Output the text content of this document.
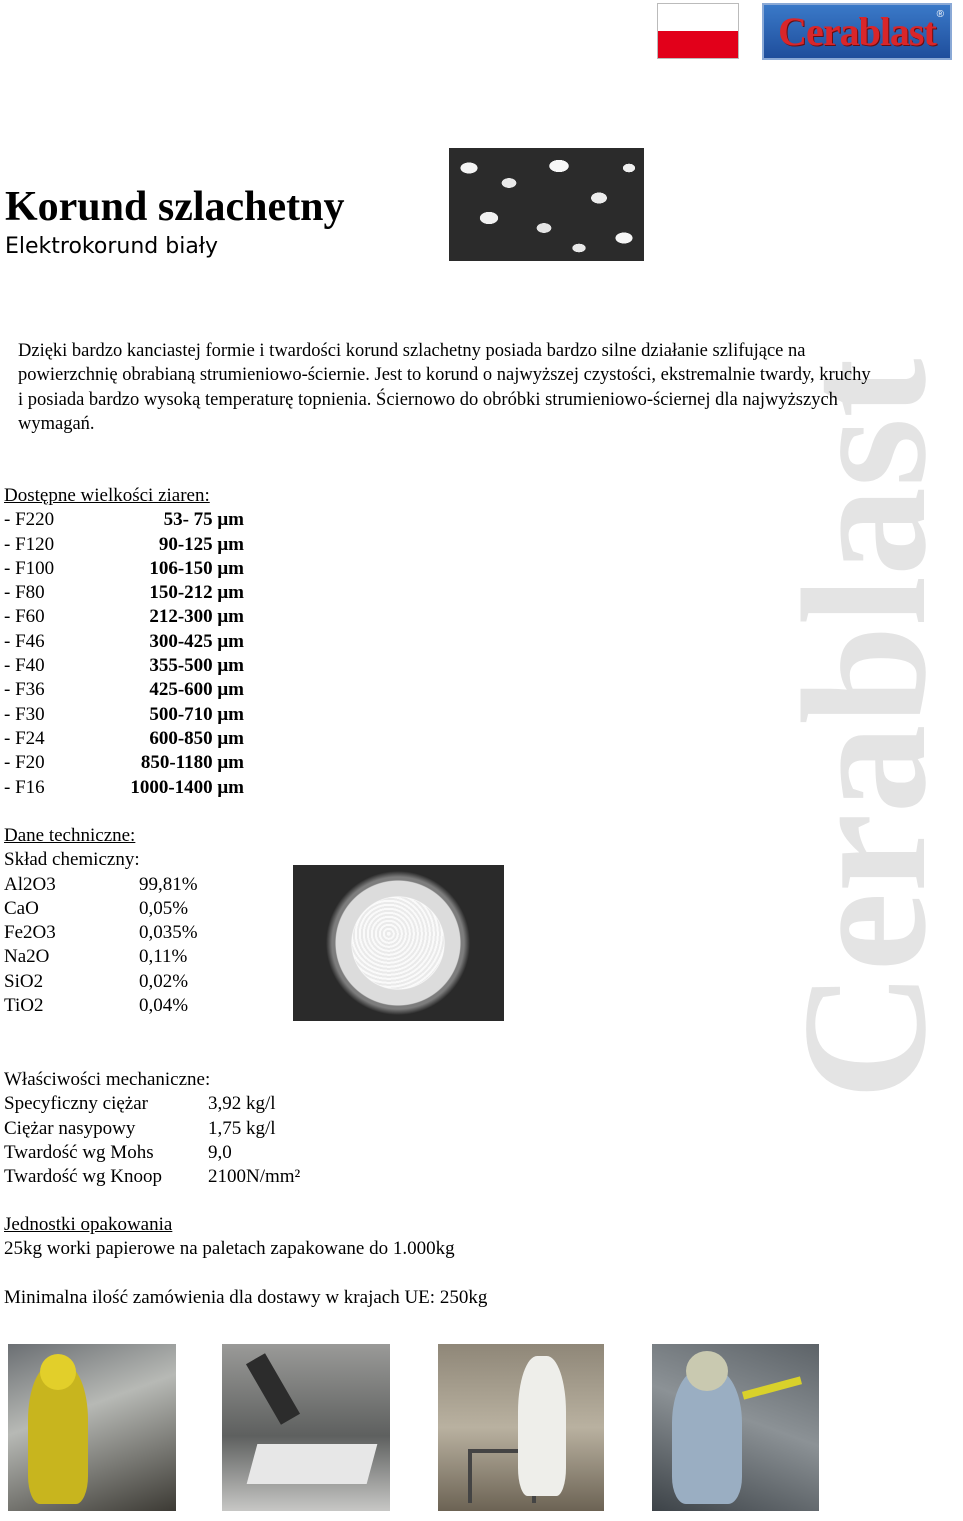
Cerablast®
Cerablast
Korund szlachetny
Elektrokorund biały
Dzięki bardzo kanciastej formie i twardości korund szlachetny posiada bardzo silne działanie szlifujące na powierzchnię obrabianą strumieniowo-ściernie. Jest to korund o najwyższej czystości, ekstremalnie twardy, kruchy i posiada bardzo wysoką temperaturę topnienia. Ściernowo do obróbki strumieniowo-ściernej dla najwyższych wymagań.
Dostępne wielkości ziaren:
- F220	53- 75 μm
- F120	90-125 μm
- F100	106-150 μm
- F80	150-212 μm
- F60	212-300 μm
- F46	300-425 μm
- F40	355-500 μm
- F36	425-600 μm
- F30	500-710 μm
- F24	600-850 μm
- F20	850-1180 μm
- F16	1000-1400 μm
Dane techniczne:
Skład chemiczny:
Al2O3	99,81%
CaO	0,05%
Fe2O3	0,035%
Na2O	0,11%
SiO2	0,02%
TiO2	0,04%
Właściwości mechaniczne:
Specyficzny ciężar	3,92 kg/l
Ciężar nasypowy	1,75 kg/l
Twardość wg Mohs	9,0
Twardość wg Knoop	2100N/mm²
Jednostki opakowania
25kg worki papierowe na paletach zapakowane do 1.000kg
Minimalna ilość zamówienia dla dostawy w krajach UE: 250kg
